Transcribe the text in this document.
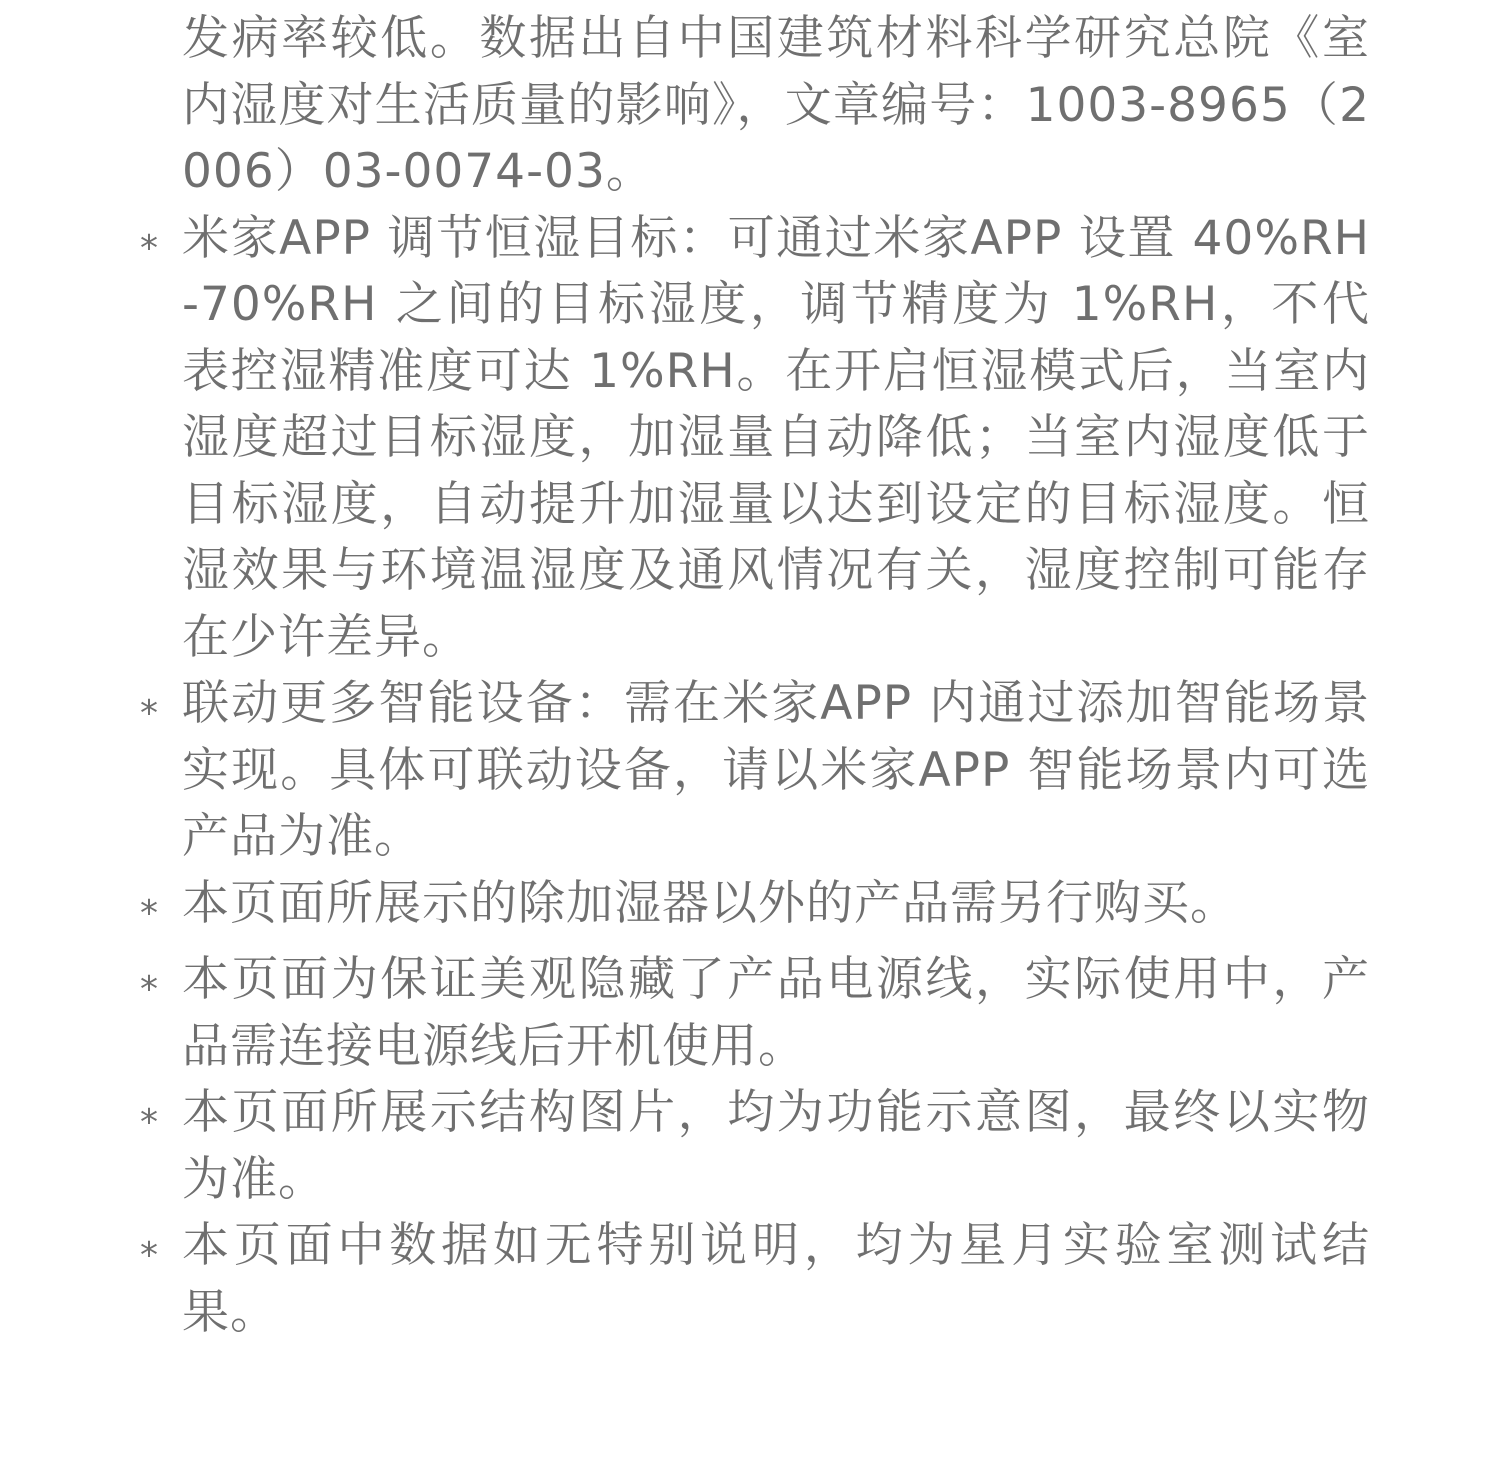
发病率较低。数据出自中国建筑材料科学研究总院《室内湿度对生活质量的影响》，文章编号：1003-8965（2006）03-0074-03。
* 米家APP 调节恒湿目标：可通过米家APP 设置 40%RH-70%RH 之间的目标湿度，调节精度为 1%RH，不代表控湿精准度可达 1%RH。在开启恒湿模式后，当室内湿度超过目标湿度，加湿量自动降低；当室内湿度低于目标湿度，自动提升加湿量以达到设定的目标湿度。恒湿效果与环境温湿度及通风情况有关，湿度控制可能存在少许差异。
* 联动更多智能设备：需在米家APP 内通过添加智能场景实现。具体可联动设备，请以米家APP 智能场景内可选产品为准。
* 本页面所展示的除加湿器以外的产品需另行购买。
* 本页面为保证美观隐藏了产品电源线，实际使用中，产品需连接电源线后开机使用。
* 本页面所展示结构图片，均为功能示意图，最终以实物为准。
* 本页面中数据如无特别说明，均为星月实验室测试结果。
